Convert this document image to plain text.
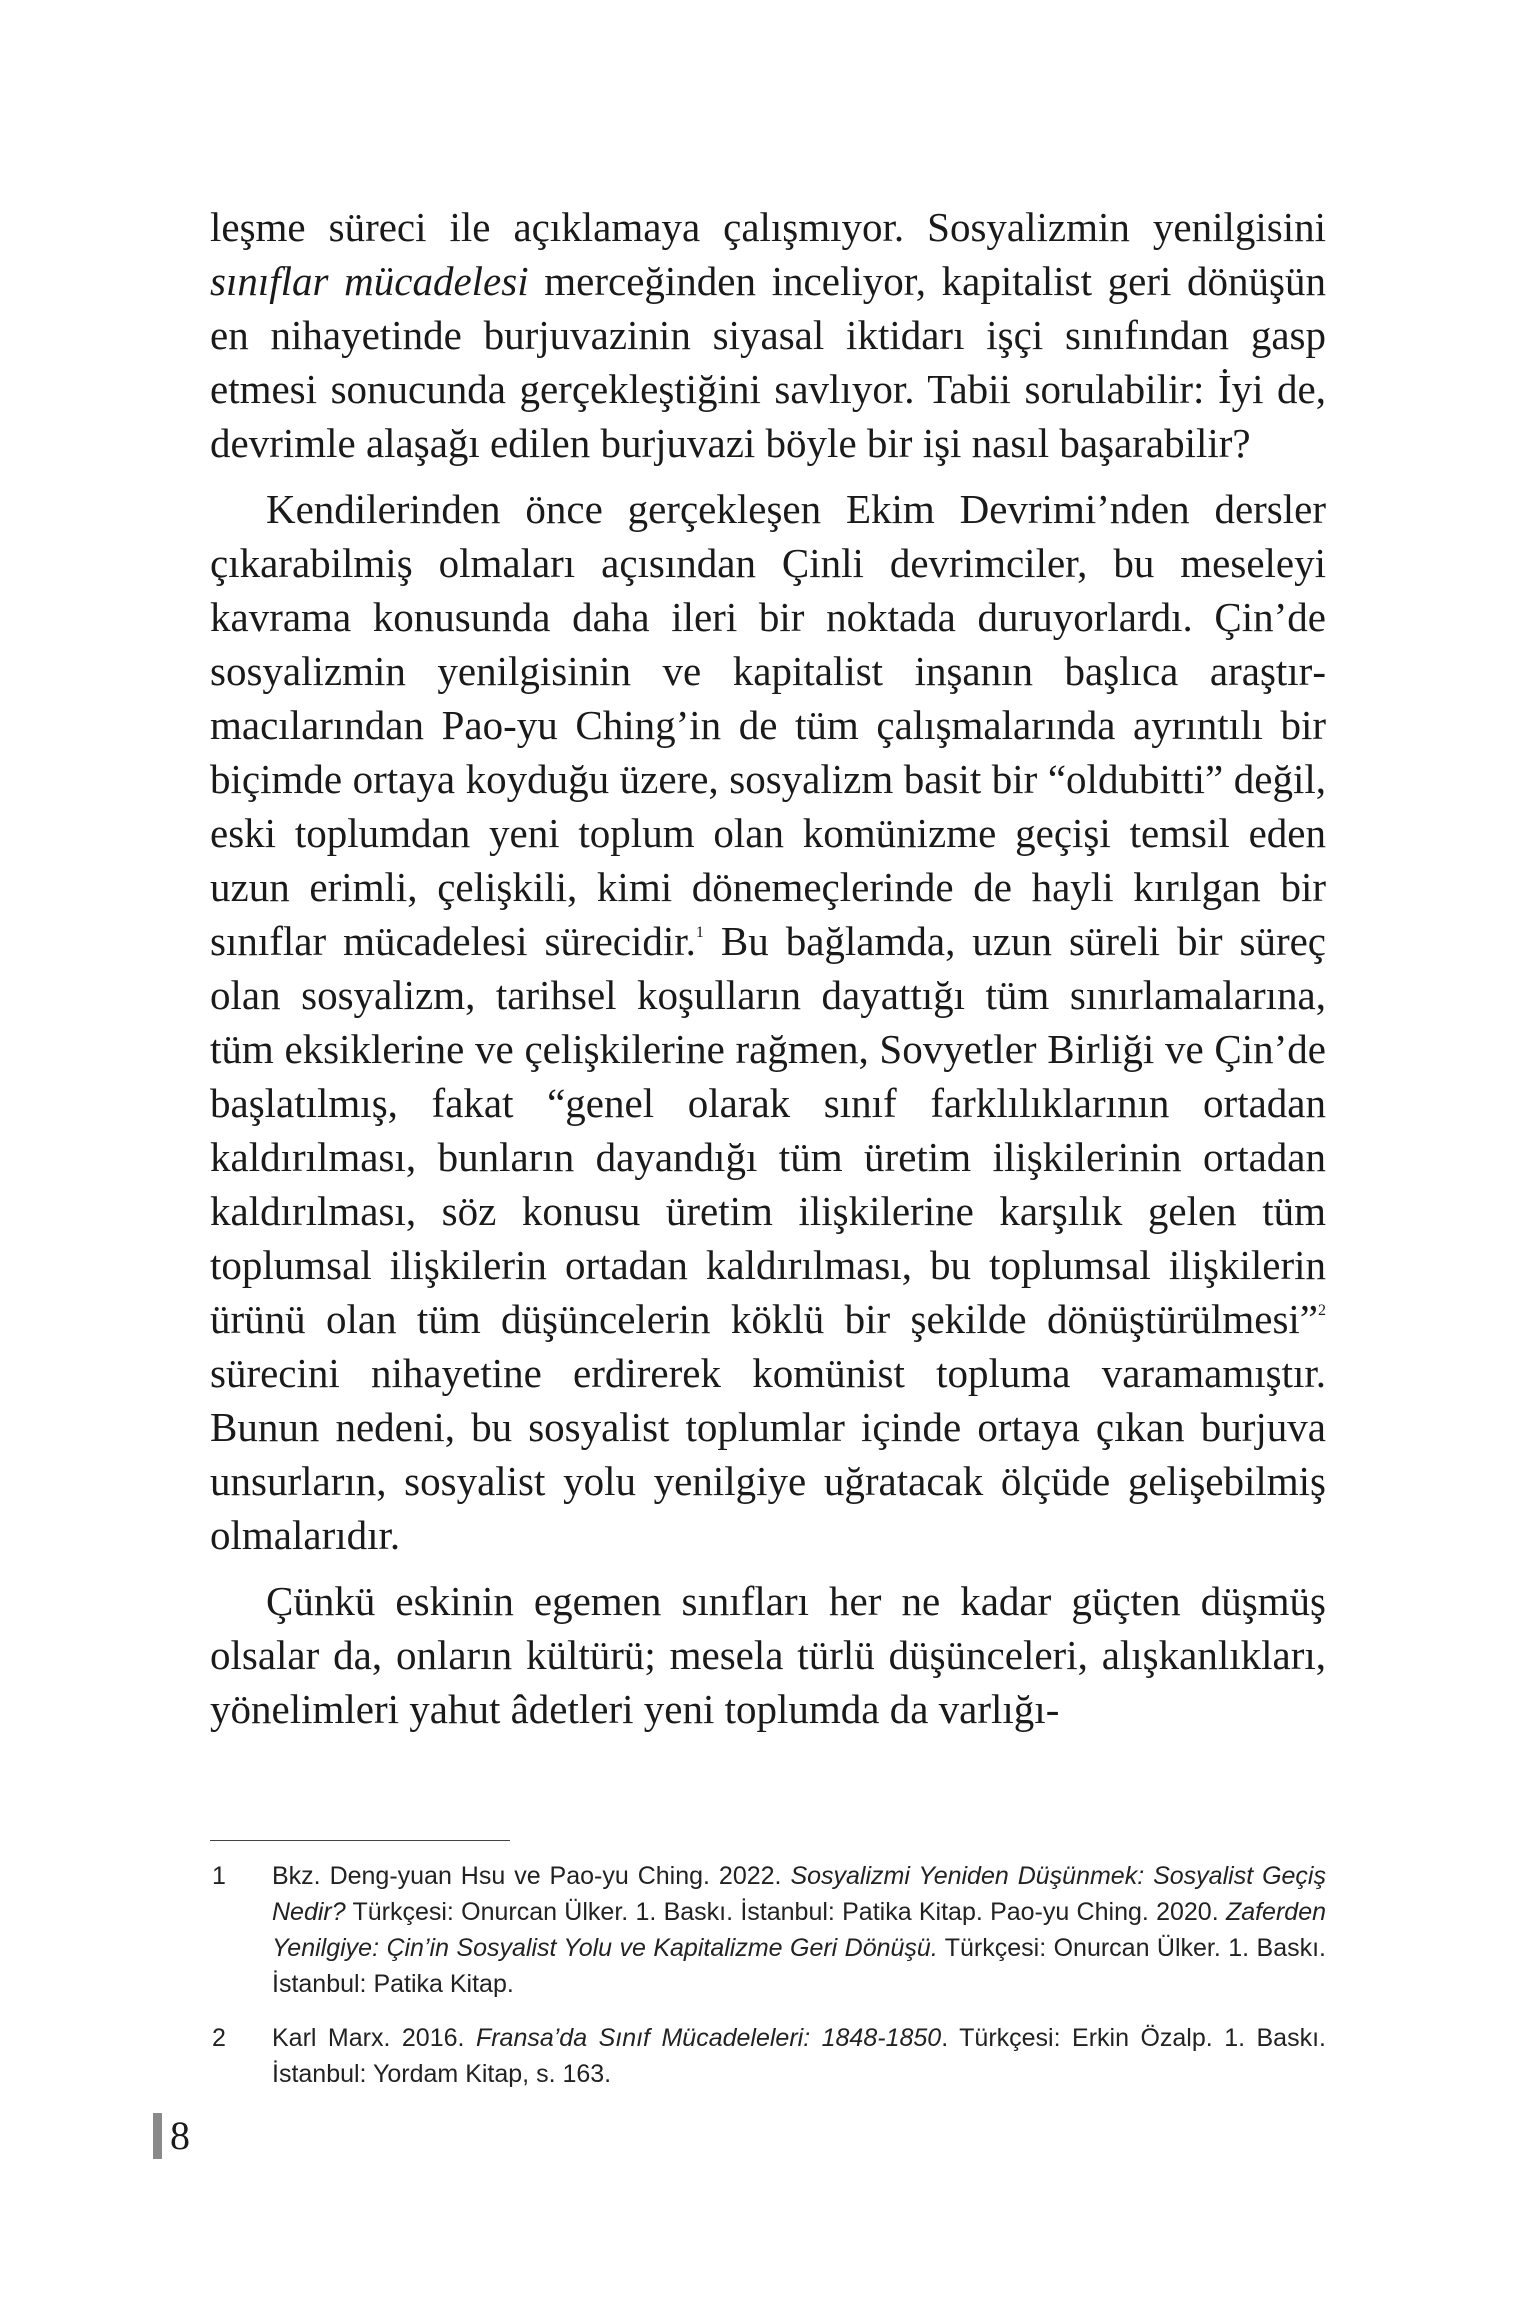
leşme süreci ile açıklamaya çalışmıyor. Sosyalizmin yenilgisini sınıflar mücadelesi merceğinden inceliyor, kapitalist geri dönüşün en nihayetinde burjuvazinin siyasal iktidarı işçi sınıfından gasp etmesi sonucunda gerçekleştiğini savlıyor. Tabii sorulabilir: İyi de, devrimle alaşağı edilen burjuvazi böyle bir işi nasıl başarabilir?

Kendilerinden önce gerçekleşen Ekim Devrimi’nden dersler çıkarabilmiş olmaları açısından Çinli devrimciler, bu meseleyi kavrama konusunda daha ileri bir noktada duruyorlardı. Çin’de sosyalizmin yenilgisinin ve kapitalist inşanın başlıca araştırmacılarından Pao-yu Ching’in de tüm çalışmalarında ayrıntılı bir biçimde ortaya koyduğu üzere, sosyalizm basit bir “oldubitti” değil, eski toplumdan yeni toplum olan komünizme geçişi temsil eden uzun erimli, çelişkili, kimi dönemeçlerinde de hayli kırılgan bir sınıflar mücadelesi sürecidir.$^1$ Bu bağlamda, uzun süreli bir süreç olan sosyalizm, tarihsel koşulların dayattığı tüm sınırlamalarına, tüm eksiklerine ve çelişkilerine rağmen, Sovyetler Birliği ve Çin’de başlatılmış, fakat “genel olarak sınıf farklılıklarının ortadan kaldırılması, bunların dayandığı tüm üretim ilişkilerinin ortadan kaldırılması, söz konusu üretim ilişkilerine karşılık gelen tüm toplumsal ilişkilerin ortadan kaldırılması, bu toplumsal ilişkilerin ürünü olan tüm düşüncelerin köklü bir şekilde dönüştürülmesi”$^2$ sürecini nihayetine erdirerek komünist topluma varamamıştır. Bunun nedeni, bu sosyalist toplumlar içinde ortaya çıkan burjuva unsurların, sosyalist yolu yenilgiye uğratacak ölçüde gelişebilmiş olmalarıdır.

Çünkü eskinin egemen sınıfları her ne kadar güçten düşmüş olsalar da, onların kültürü; mesela türlü düşünceleri, alışkanlıkları, yönelimleri yahut âdetleri yeni toplumda da varlığı-

1 Bkz. Deng-yuan Hsu ve Pao-yu Ching. 2022. Sosyalizmi Yeniden Düşünmek: Sosyalist Geçiş Nedir? Türkçesi: Onurcan Ülker. 1. Baskı. İstanbul: Patika Kitap. Pao-yu Ching. 2020. Zaferden Yenilgiye: Çin’in Sosyalist Yolu ve Kapitalizme Geri Dönüşü. Türkçesi: Onurcan Ülker. 1. Baskı. İstanbul: Patika Kitap.
2 Karl Marx. 2016. Fransa’da Sınıf Mücadeleleri: 1848-1850. Türkçesi: Erkin Özalp. 1. Baskı. İstanbul: Yordam Kitap, s. 163.
8
